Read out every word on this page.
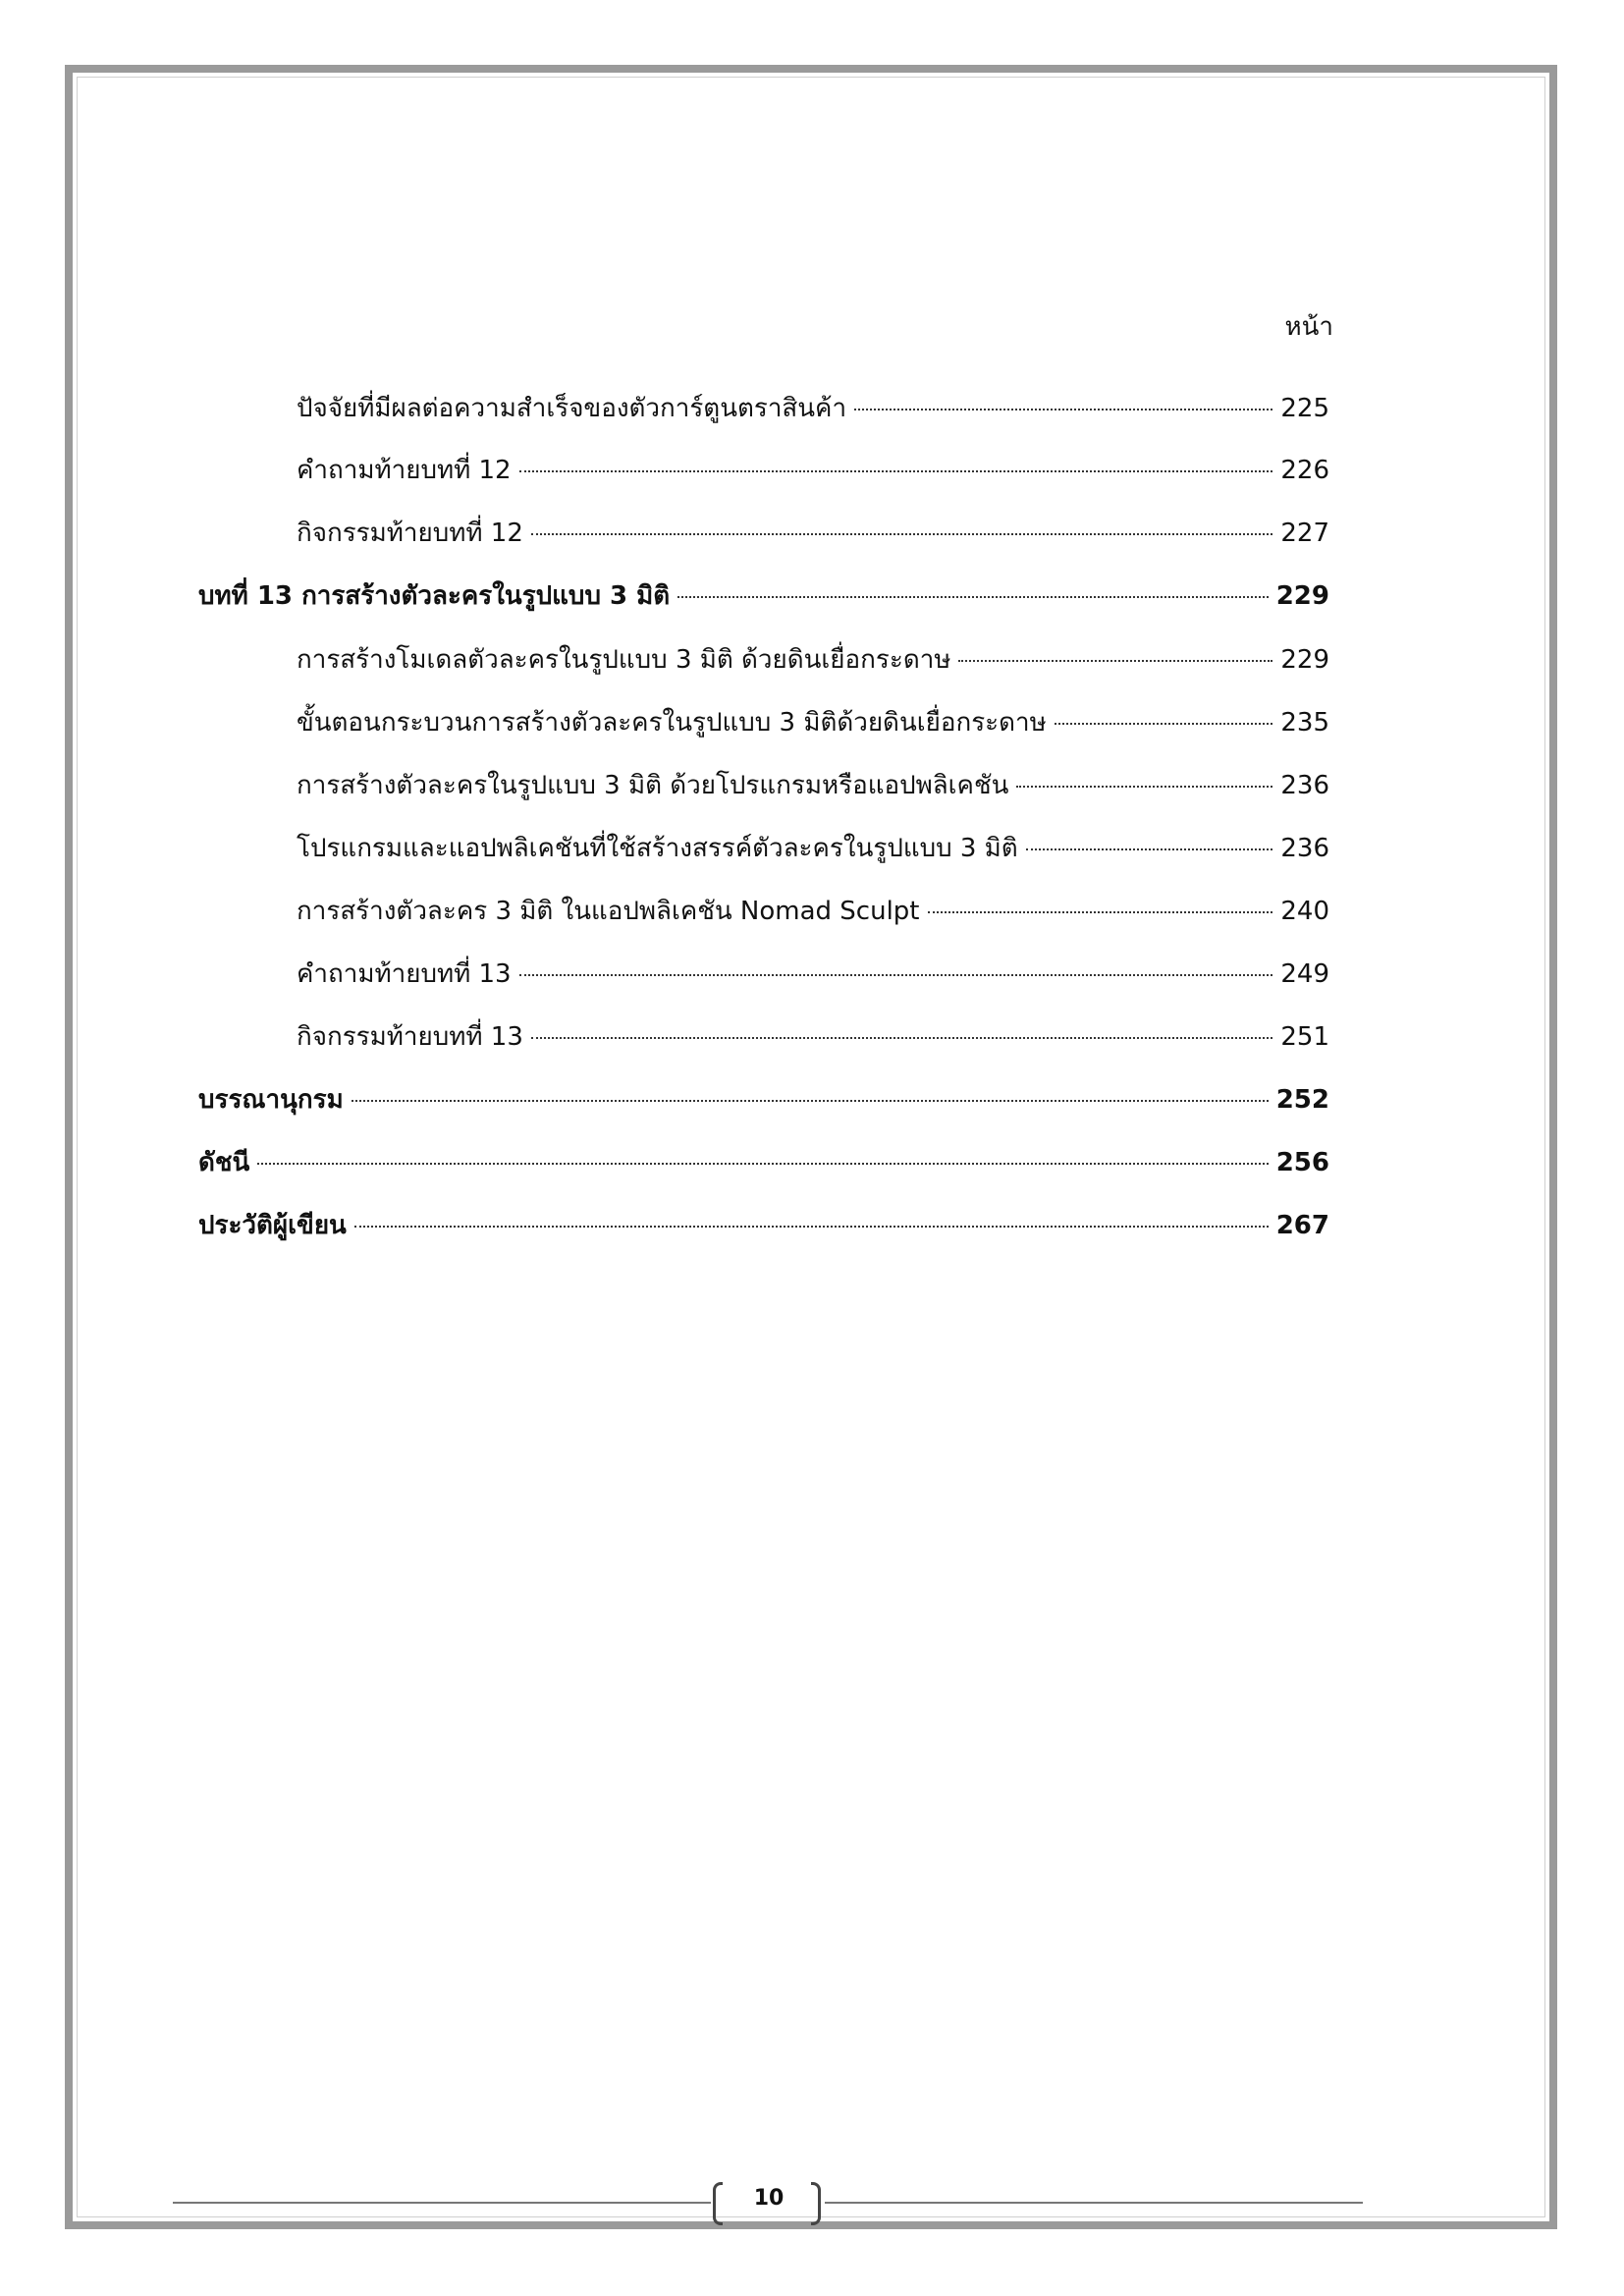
หน้า
ปัจจัยที่มีผลต่อความสำเร็จของตัวการ์ตูนตราสินค้า	225
คำถามท้ายบทที่ 12	226
กิจกรรมท้ายบทที่ 12	227
บทที่ 13 การสร้างตัวละครในรูปแบบ 3 มิติ	229
การสร้างโมเดลตัวละครในรูปแบบ 3 มิติ ด้วยดินเยื่อกระดาษ	229
ขั้นตอนกระบวนการสร้างตัวละครในรูปแบบ 3 มิติด้วยดินเยื่อกระดาษ	235
การสร้างตัวละครในรูปแบบ 3 มิติ ด้วยโปรแกรมหรือแอปพลิเคชัน	236
โปรแกรมและแอปพลิเคชันที่ใช้สร้างสรรค์ตัวละครในรูปแบบ 3 มิติ	236
การสร้างตัวละคร 3 มิติ ในแอปพลิเคชัน Nomad Sculpt	240
คำถามท้ายบทที่ 13	249
กิจกรรมท้ายบทที่ 13	251
บรรณานุกรม	252
ดัชนี	256
ประวัติผู้เขียน	267
10
